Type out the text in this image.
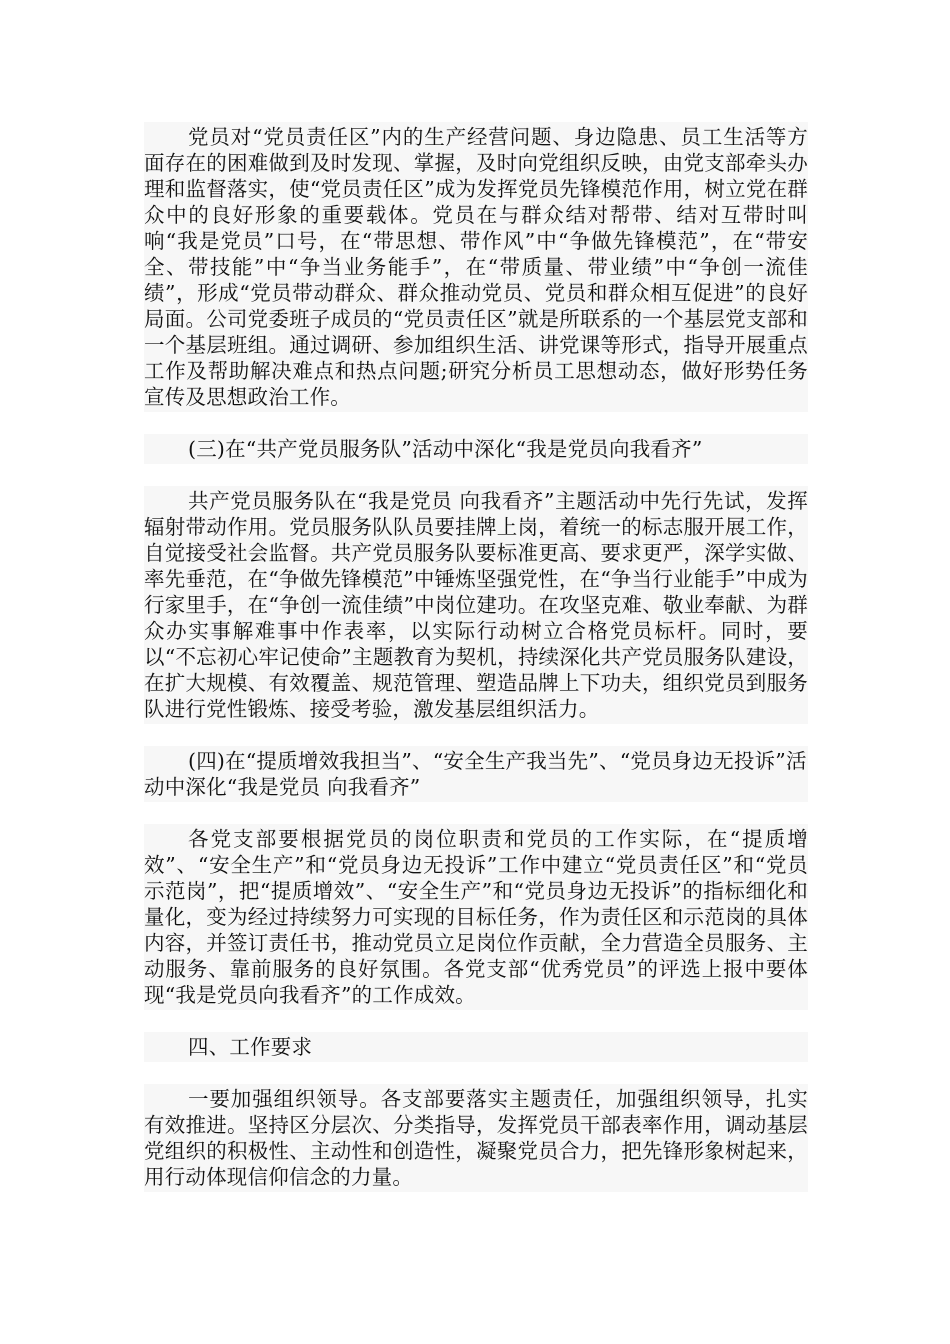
党员对“党员责任区”内的生产经营问题、身边隐患、员工生活等方面存在的困难做到及时发现、掌握，及时向党组织反映，由党支部牵头办理和监督落实，使“党员责任区”成为发挥党员先锋模范作用，树立党在群众中的良好形象的重要载体。党员在与群众结对帮带、结对互带时叫响“我是党员”口号，在“带思想、带作风”中“争做先锋模范”，在“带安全、带技能”中“争当业务能手”，在“带质量、带业绩”中“争创一流佳绩”，形成“党员带动群众、群众推动党员、党员和群众相互促进”的良好局面。公司党委班子成员的“党员责任区”就是所联系的一个基层党支部和一个基层班组。通过调研、参加组织生活、讲党课等形式，指导开展重点工作及帮助解决难点和热点问题;研究分析员工思想动态，做好形势任务宣传及思想政治工作。

(三)在“共产党员服务队”活动中深化“我是党员向我看齐”

共产党员服务队在“我是党员 向我看齐”主题活动中先行先试，发挥辐射带动作用。党员服务队队员要挂牌上岗，着统一的标志服开展工作，自觉接受社会监督。共产党员服务队要标准更高、要求更严，深学实做、率先垂范，在“争做先锋模范”中锤炼坚强党性，在“争当行业能手”中成为行家里手，在“争创一流佳绩”中岗位建功。在攻坚克难、敬业奉献、为群众办实事解难事中作表率，以实际行动树立合格党员标杆。同时，要以“不忘初心牢记使命”主题教育为契机，持续深化共产党员服务队建设，在扩大规模、有效覆盖、规范管理、塑造品牌上下功夫，组织党员到服务队进行党性锻炼、接受考验，激发基层组织活力。

(四)在“提质增效我担当”、“安全生产我当先”、“党员身边无投诉”活动中深化“我是党员 向我看齐”

各党支部要根据党员的岗位职责和党员的工作实际，在“提质增效”、“安全生产”和“党员身边无投诉”工作中建立“党员责任区”和“党员示范岗”，把“提质增效”、“安全生产”和“党员身边无投诉”的指标细化和量化，变为经过持续努力可实现的目标任务，作为责任区和示范岗的具体内容，并签订责任书，推动党员立足岗位作贡献，全力营造全员服务、主动服务、靠前服务的良好氛围。各党支部“优秀党员”的评选上报中要体现“我是党员向我看齐”的工作成效。

四、工作要求

一要加强组织领导。各支部要落实主题责任，加强组织领导，扎实有效推进。坚持区分层次、分类指导，发挥党员干部表率作用，调动基层党组织的积极性、主动性和创造性，凝聚党员合力，把先锋形象树起来，用行动体现信仰信念的力量。
